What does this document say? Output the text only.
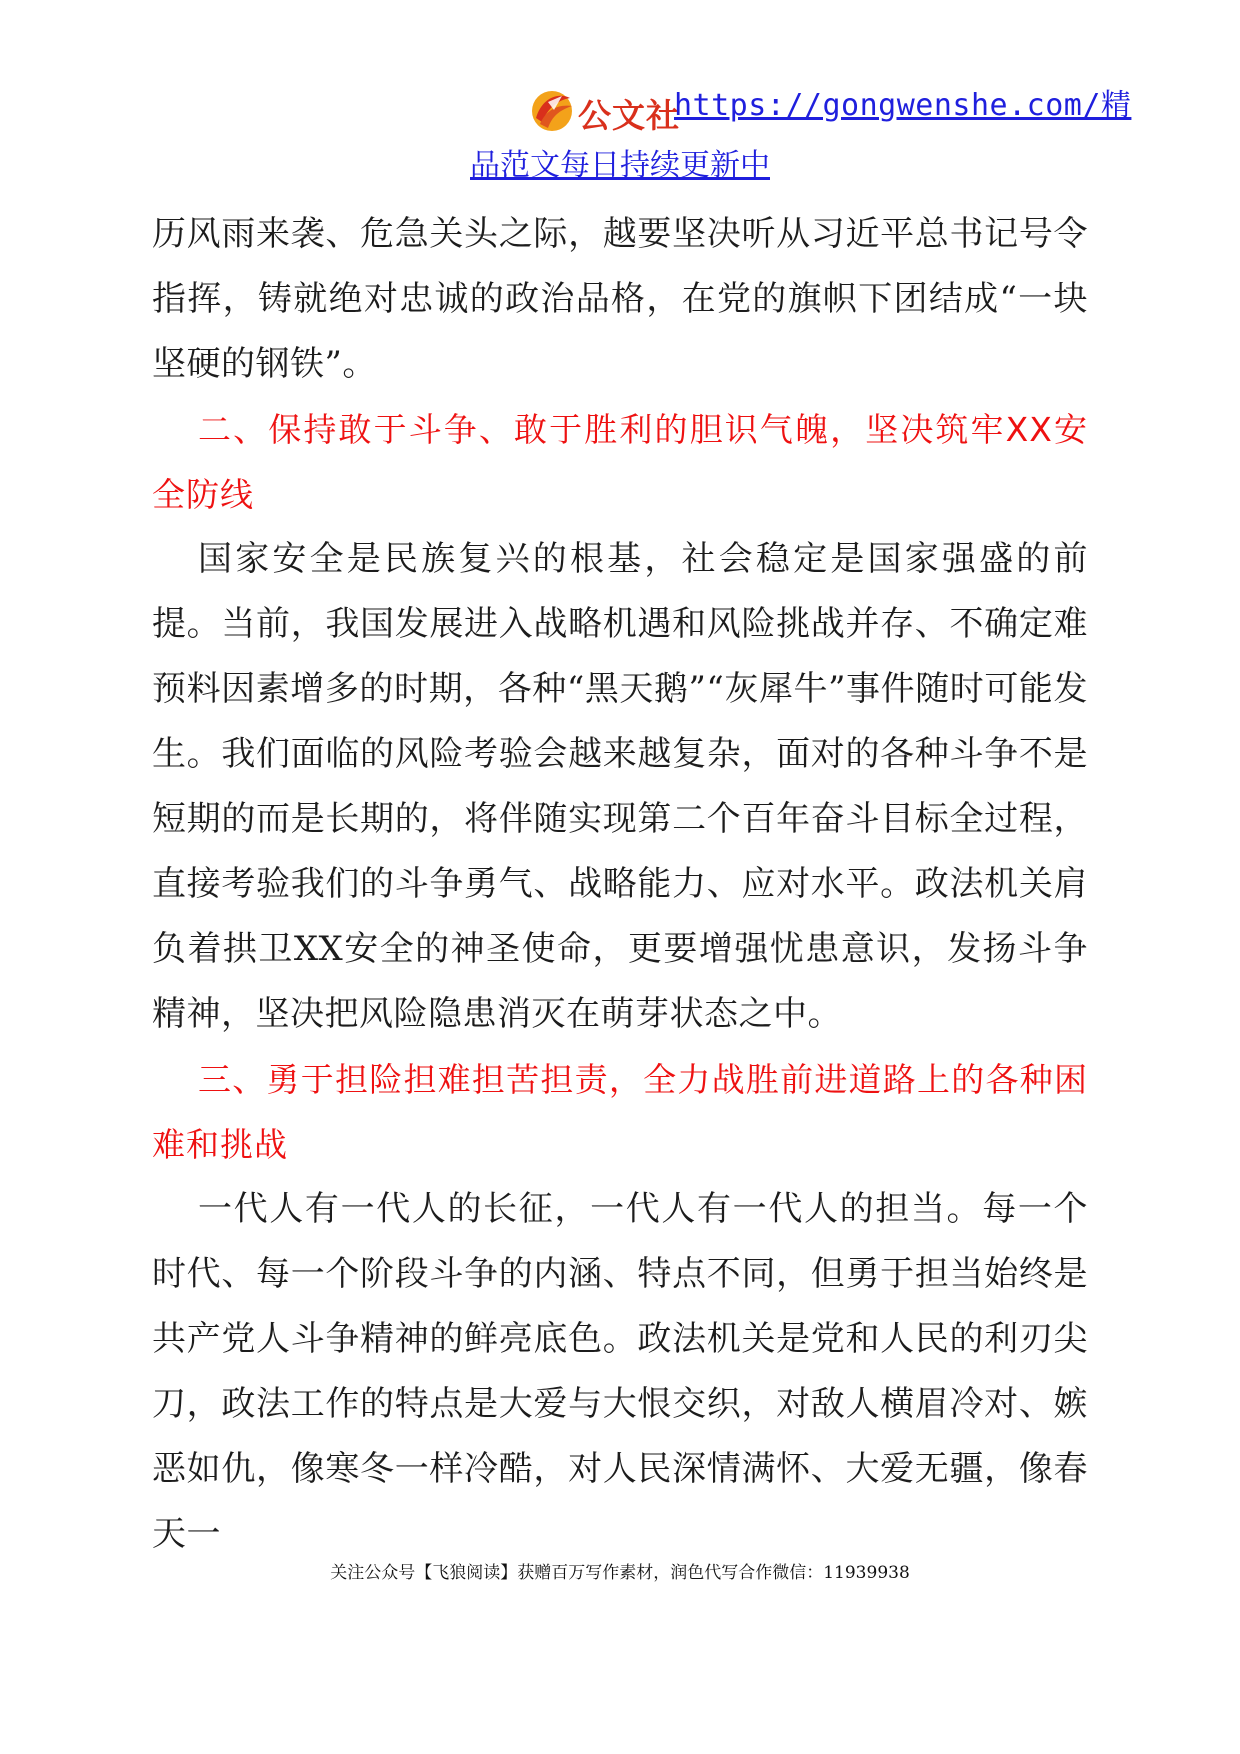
公文社
https://gongwenshe.com/精
品范文每日持续更新中

历风雨来袭、危急关头之际，越要坚决听从习近平总书记号令指挥，铸就绝对忠诚的政治品格，在党的旗帜下团结成“一块坚硬的钢铁”。

二、保持敢于斗争、敢于胜利的胆识气魄，坚决筑牢XX安全防线

国家安全是民族复兴的根基，社会稳定是国家强盛的前提。当前，我国发展进入战略机遇和风险挑战并存、不确定难预料因素增多的时期，各种“黑天鹅”“灰犀牛”事件随时可能发生。我们面临的风险考验会越来越复杂，面对的各种斗争不是短期的而是长期的，将伴随实现第二个百年奋斗目标全过程，直接考验我们的斗争勇气、战略能力、应对水平。政法机关肩负着拱卫XX安全的神圣使命，更要增强忧患意识，发扬斗争精神，坚决把风险隐患消灭在萌芽状态之中。

三、勇于担险担难担苦担责，全力战胜前进道路上的各种困难和挑战

一代人有一代人的长征，一代人有一代人的担当。每一个时代、每一个阶段斗争的内涵、特点不同，但勇于担当始终是共产党人斗争精神的鲜亮底色。政法机关是党和人民的利刃尖刀，政法工作的特点是大爱与大恨交织，对敌人横眉冷对、嫉恶如仇，像寒冬一样冷酷，对人民深情满怀、大爱无疆，像春天一

关注公众号【飞狼阅读】获赠百万写作素材，润色代写合作微信：11939938
